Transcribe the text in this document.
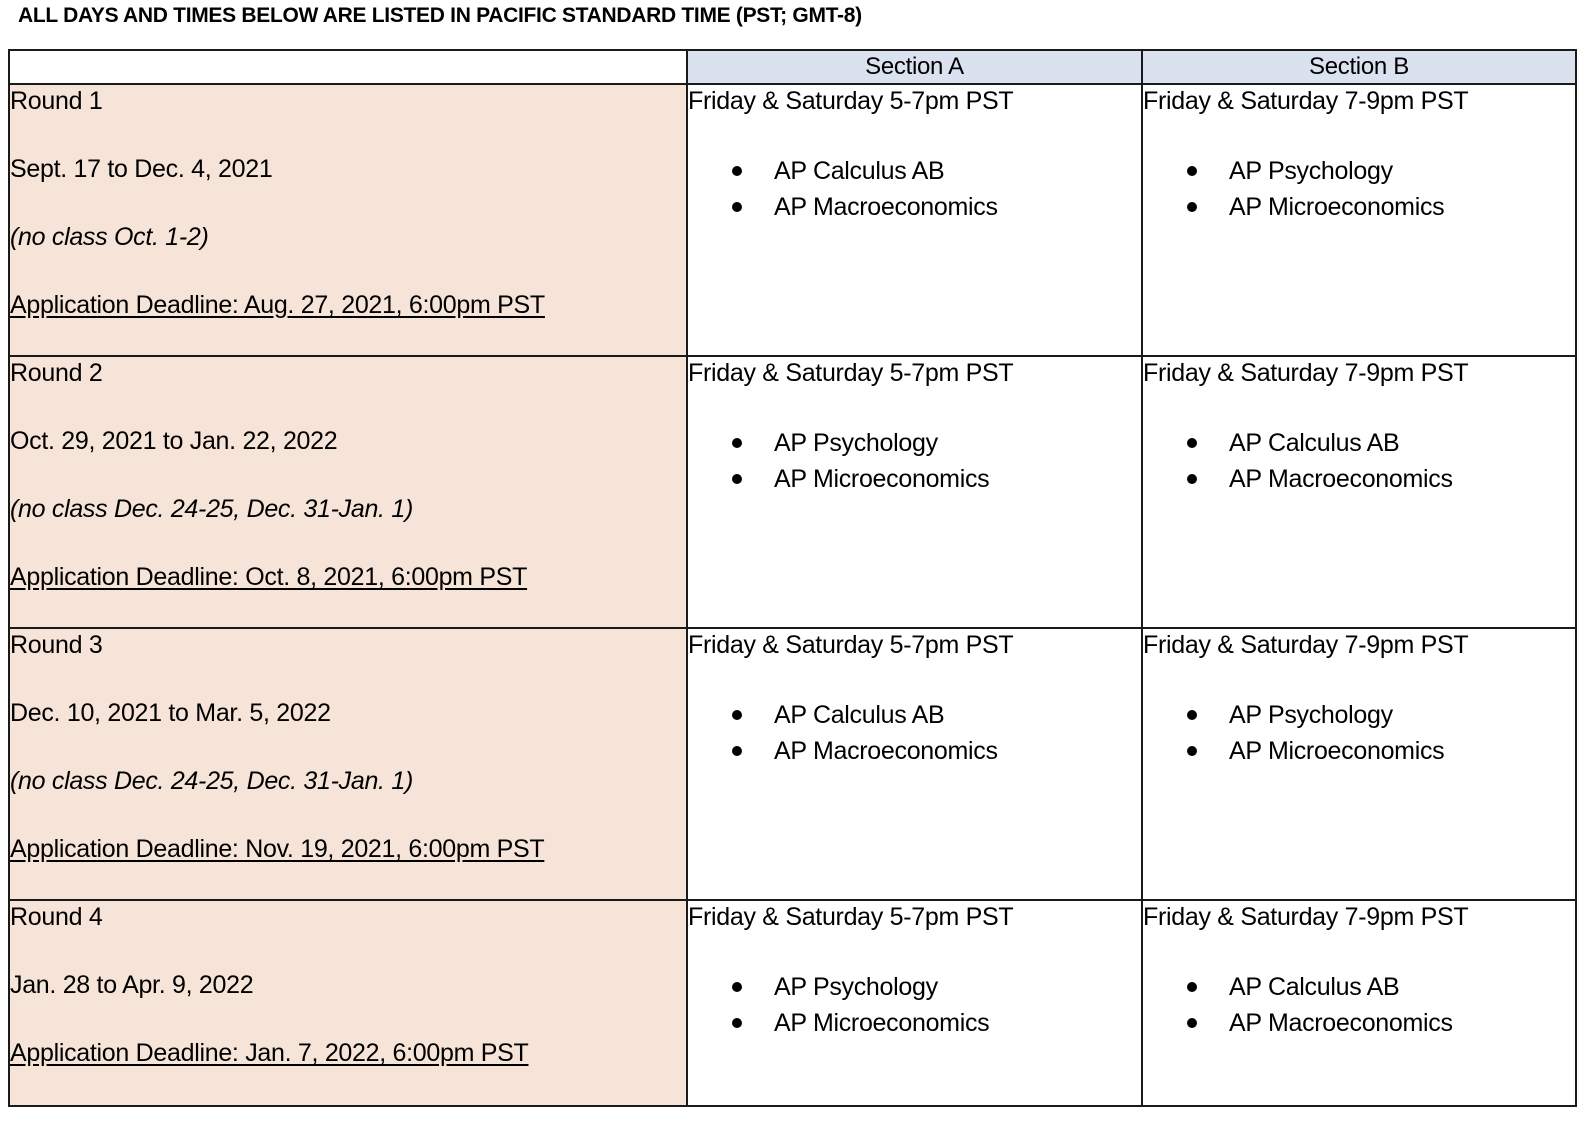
ALL DAYS AND TIMES BELOW ARE LISTED IN PACIFIC STANDARD TIME (PST; GMT-8)
	Section A	Section B

Round 1
Sept. 17 to Dec. 4, 2021
(no class Oct. 1-2)
Application Deadline: Aug. 27, 2021, 6:00pm PST

Friday & Saturday 5-7pm PST
AP Calculus AB
AP Macroeconomics

Friday & Saturday 7-9pm PST
AP Psychology
AP Microeconomics

Round 2
Oct. 29, 2021 to Jan. 22, 2022
(no class Dec. 24-25, Dec. 31-Jan. 1)
Application Deadline: Oct. 8, 2021, 6:00pm PST

Friday & Saturday 5-7pm PST
AP Psychology
AP Microeconomics

Friday & Saturday 7-9pm PST
AP Calculus AB
AP Macroeconomics

Round 3
Dec. 10, 2021 to Mar. 5, 2022
(no class Dec. 24-25, Dec. 31-Jan. 1)
Application Deadline: Nov. 19, 2021, 6:00pm PST

Friday & Saturday 5-7pm PST
AP Calculus AB
AP Macroeconomics

Friday & Saturday 7-9pm PST
AP Psychology
AP Microeconomics

Round 4
Jan. 28 to Apr. 9, 2022
Application Deadline: Jan. 7, 2022, 6:00pm PST

Friday & Saturday 5-7pm PST
AP Psychology
AP Microeconomics

Friday & Saturday 7-9pm PST
AP Calculus AB
AP Macroeconomics
